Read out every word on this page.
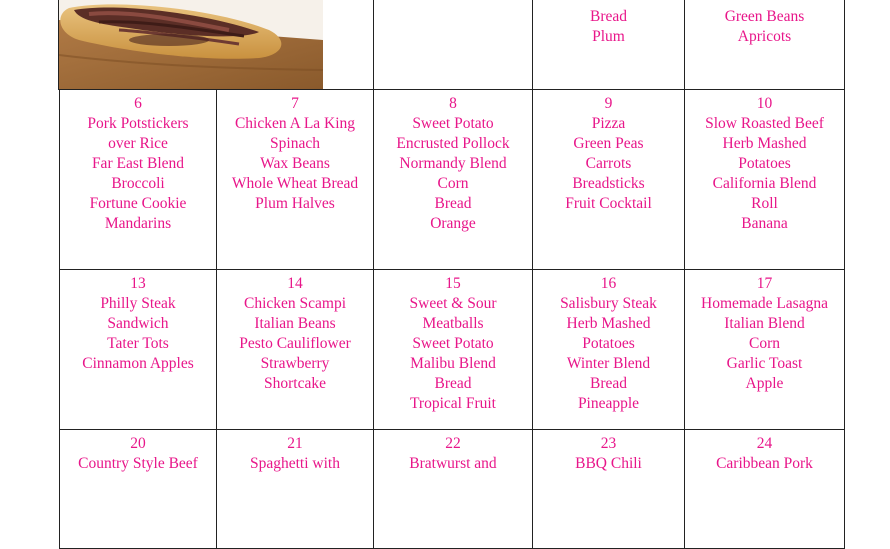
Bread
Plum
Green Beans
Apricots
6
Pork Potstickers
over Rice
Far East Blend
Broccoli
Fortune Cookie
Mandarins
7
Chicken A La King
Spinach
Wax Beans
Whole Wheat Bread
Plum Halves
8
Sweet Potato
Encrusted Pollock
Normandy Blend
Corn
Bread
Orange
9
Pizza
Green Peas
Carrots
Breadsticks
Fruit Cocktail
10
Slow Roasted Beef
Herb Mashed
Potatoes
California Blend
Roll
Banana
13
Philly Steak
Sandwich
Tater Tots
Cinnamon Apples
14
Chicken Scampi
Italian Beans
Pesto Cauliflower
Strawberry
Shortcake
15
Sweet & Sour
Meatballs
Sweet Potato
Malibu Blend
Bread
Tropical Fruit
16
Salisbury Steak
Herb Mashed
Potatoes
Winter Blend
Bread
Pineapple
17
Homemade Lasagna
Italian Blend
Corn
Garlic Toast
Apple
20
Country Style Beef
21
Spaghetti with
22
Bratwurst and
23
BBQ Chili
24
Caribbean Pork
